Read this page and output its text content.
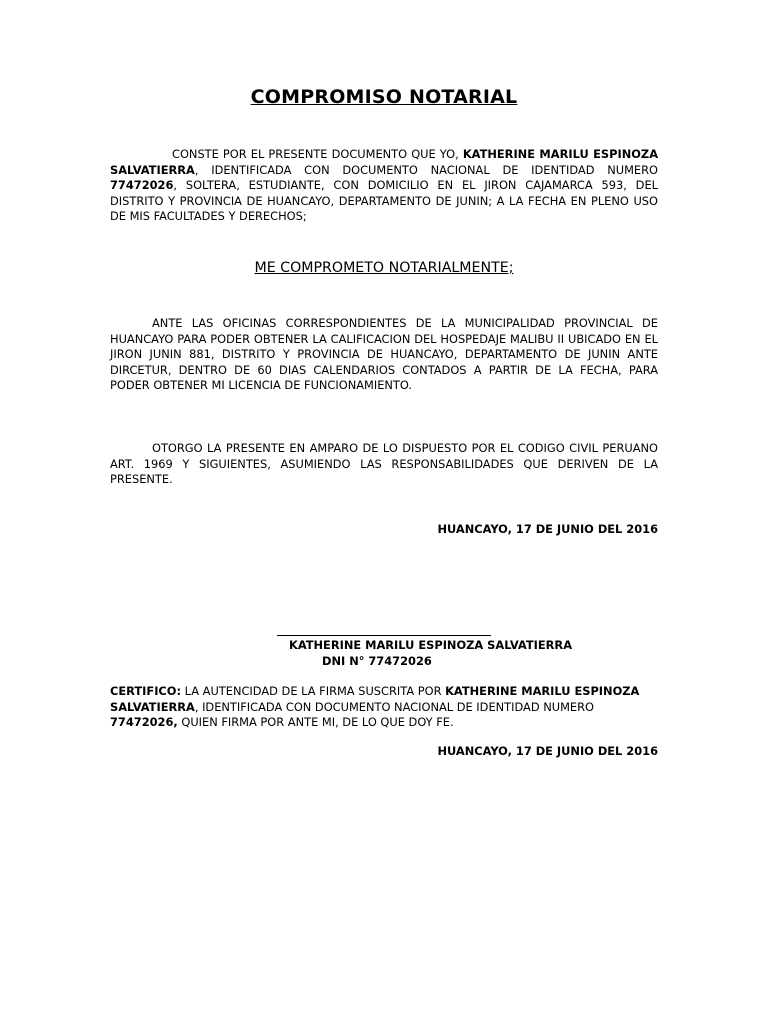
COMPROMISO NOTARIAL
CONSTE POR EL PRESENTE DOCUMENTO QUE YO, KATHERINE MARILU ESPINOZA SALVATIERRA, IDENTIFICADA CON DOCUMENTO NACIONAL DE IDENTIDAD NUMERO 77472026, SOLTERA, ESTUDIANTE, CON DOMICILIO EN EL JIRON CAJAMARCA 593, DEL DISTRITO Y PROVINCIA DE HUANCAYO, DEPARTAMENTO DE JUNIN; A LA FECHA EN PLENO USO DE MIS FACULTADES Y DERECHOS;
ME COMPROMETO NOTARIALMENTE;
ANTE LAS OFICINAS CORRESPONDIENTES DE LA MUNICIPALIDAD PROVINCIAL DE HUANCAYO PARA PODER OBTENER LA CALIFICACION DEL HOSPEDAJE MALIBU II UBICADO EN EL JIRON JUNIN 881, DISTRITO Y PROVINCIA DE HUANCAYO, DEPARTAMENTO DE JUNIN ANTE DIRCETUR, DENTRO DE 60 DIAS CALENDARIOS CONTADOS A PARTIR DE LA FECHA, PARA PODER OBTENER MI LICENCIA DE FUNCIONAMIENTO.
OTORGO LA PRESENTE EN AMPARO DE LO DISPUESTO POR EL CODIGO CIVIL PERUANO ART. 1969 Y SIGUIENTES, ASUMIENDO LAS RESPONSABILIDADES QUE DERIVEN DE LA PRESENTE.
HUANCAYO, 17 DE JUNIO DEL 2016
KATHERINE MARILU ESPINOZA SALVATIERRA
DNI N° 77472026
CERTIFICO: LA AUTENCIDAD DE LA FIRMA SUSCRITA POR KATHERINE MARILU ESPINOZA SALVATIERRA, IDENTIFICADA CON DOCUMENTO NACIONAL DE IDENTIDAD NUMERO 77472026, QUIEN FIRMA POR ANTE MI, DE LO QUE DOY FE.
HUANCAYO, 17 DE JUNIO DEL 2016
